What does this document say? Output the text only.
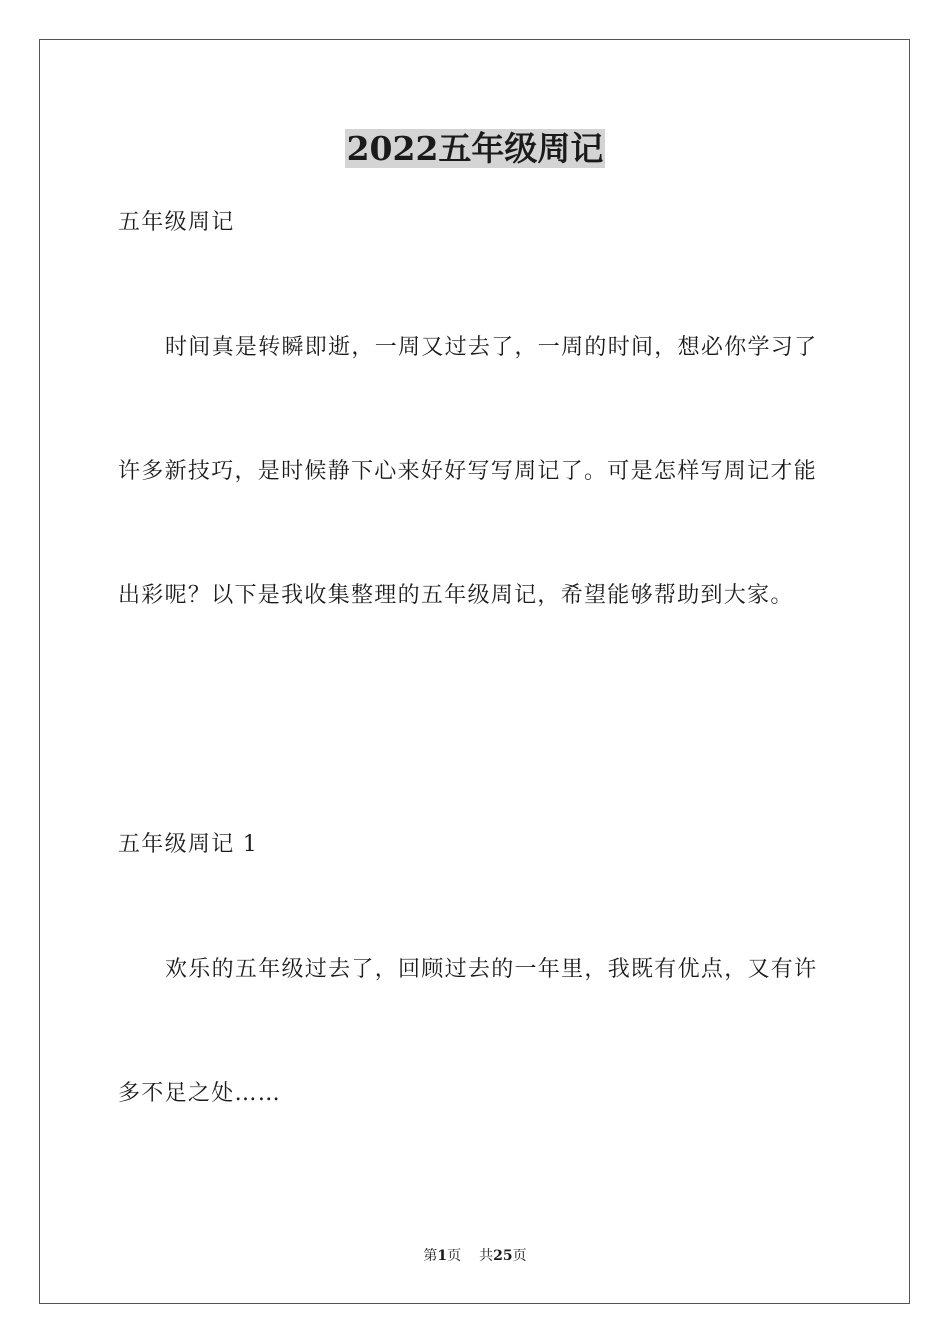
2022五年级周记

五年级周记

时间真是转瞬即逝，一周又过去了，一周的时间，想必你学习了

许多新技巧，是时候静下心来好好写写周记了。可是怎样写周记才能

出彩呢？以下是我收集整理的五年级周记，希望能够帮助到大家。

五年级周记 1

欢乐的五年级过去了，回顾过去的一年里，我既有优点，又有许

多不足之处……

第1页 共25页
